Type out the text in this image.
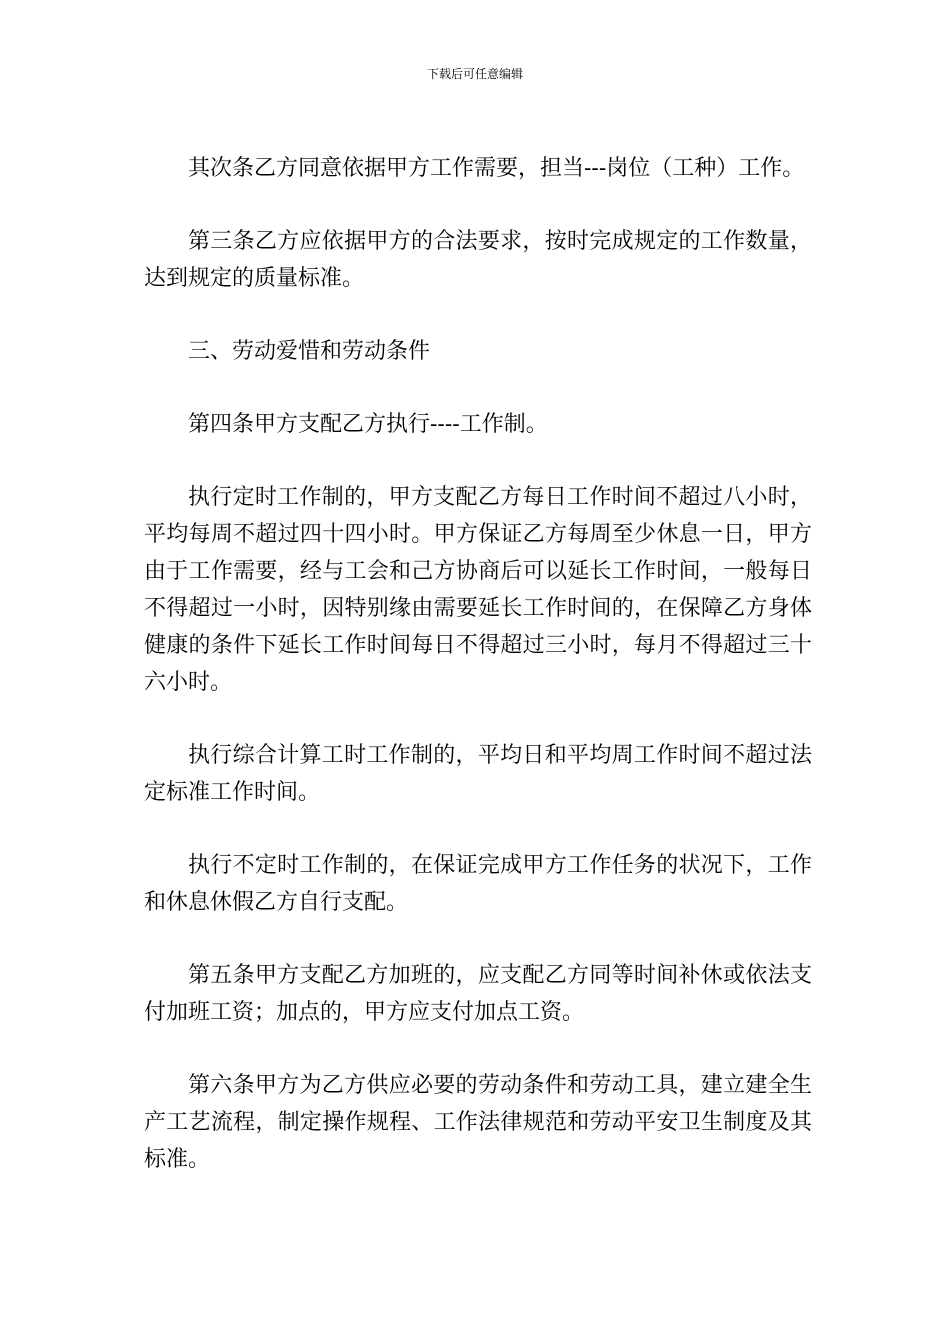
下载后可任意编辑

其次条乙方同意依据甲方工作需要，担当---岗位（工种）工作。

第三条乙方应依据甲方的合法要求，按时完成规定的工作数量，达到规定的质量标准。

三、劳动爱惜和劳动条件

第四条甲方支配乙方执行----工作制。

执行定时工作制的，甲方支配乙方每日工作时间不超过八小时，平均每周不超过四十四小时。甲方保证乙方每周至少休息一日，甲方由于工作需要，经与工会和己方协商后可以延长工作时间，一般每日不得超过一小时，因特别缘由需要延长工作时间的，在保障乙方身体健康的条件下延长工作时间每日不得超过三小时，每月不得超过三十六小时。

执行综合计算工时工作制的，平均日和平均周工作时间不超过法定标准工作时间。

执行不定时工作制的，在保证完成甲方工作任务的状况下，工作和休息休假乙方自行支配。

第五条甲方支配乙方加班的，应支配乙方同等时间补休或依法支付加班工资；加点的，甲方应支付加点工资。

第六条甲方为乙方供应必要的劳动条件和劳动工具，建立建全生产工艺流程，制定操作规程、工作法律规范和劳动平安卫生制度及其标准。
